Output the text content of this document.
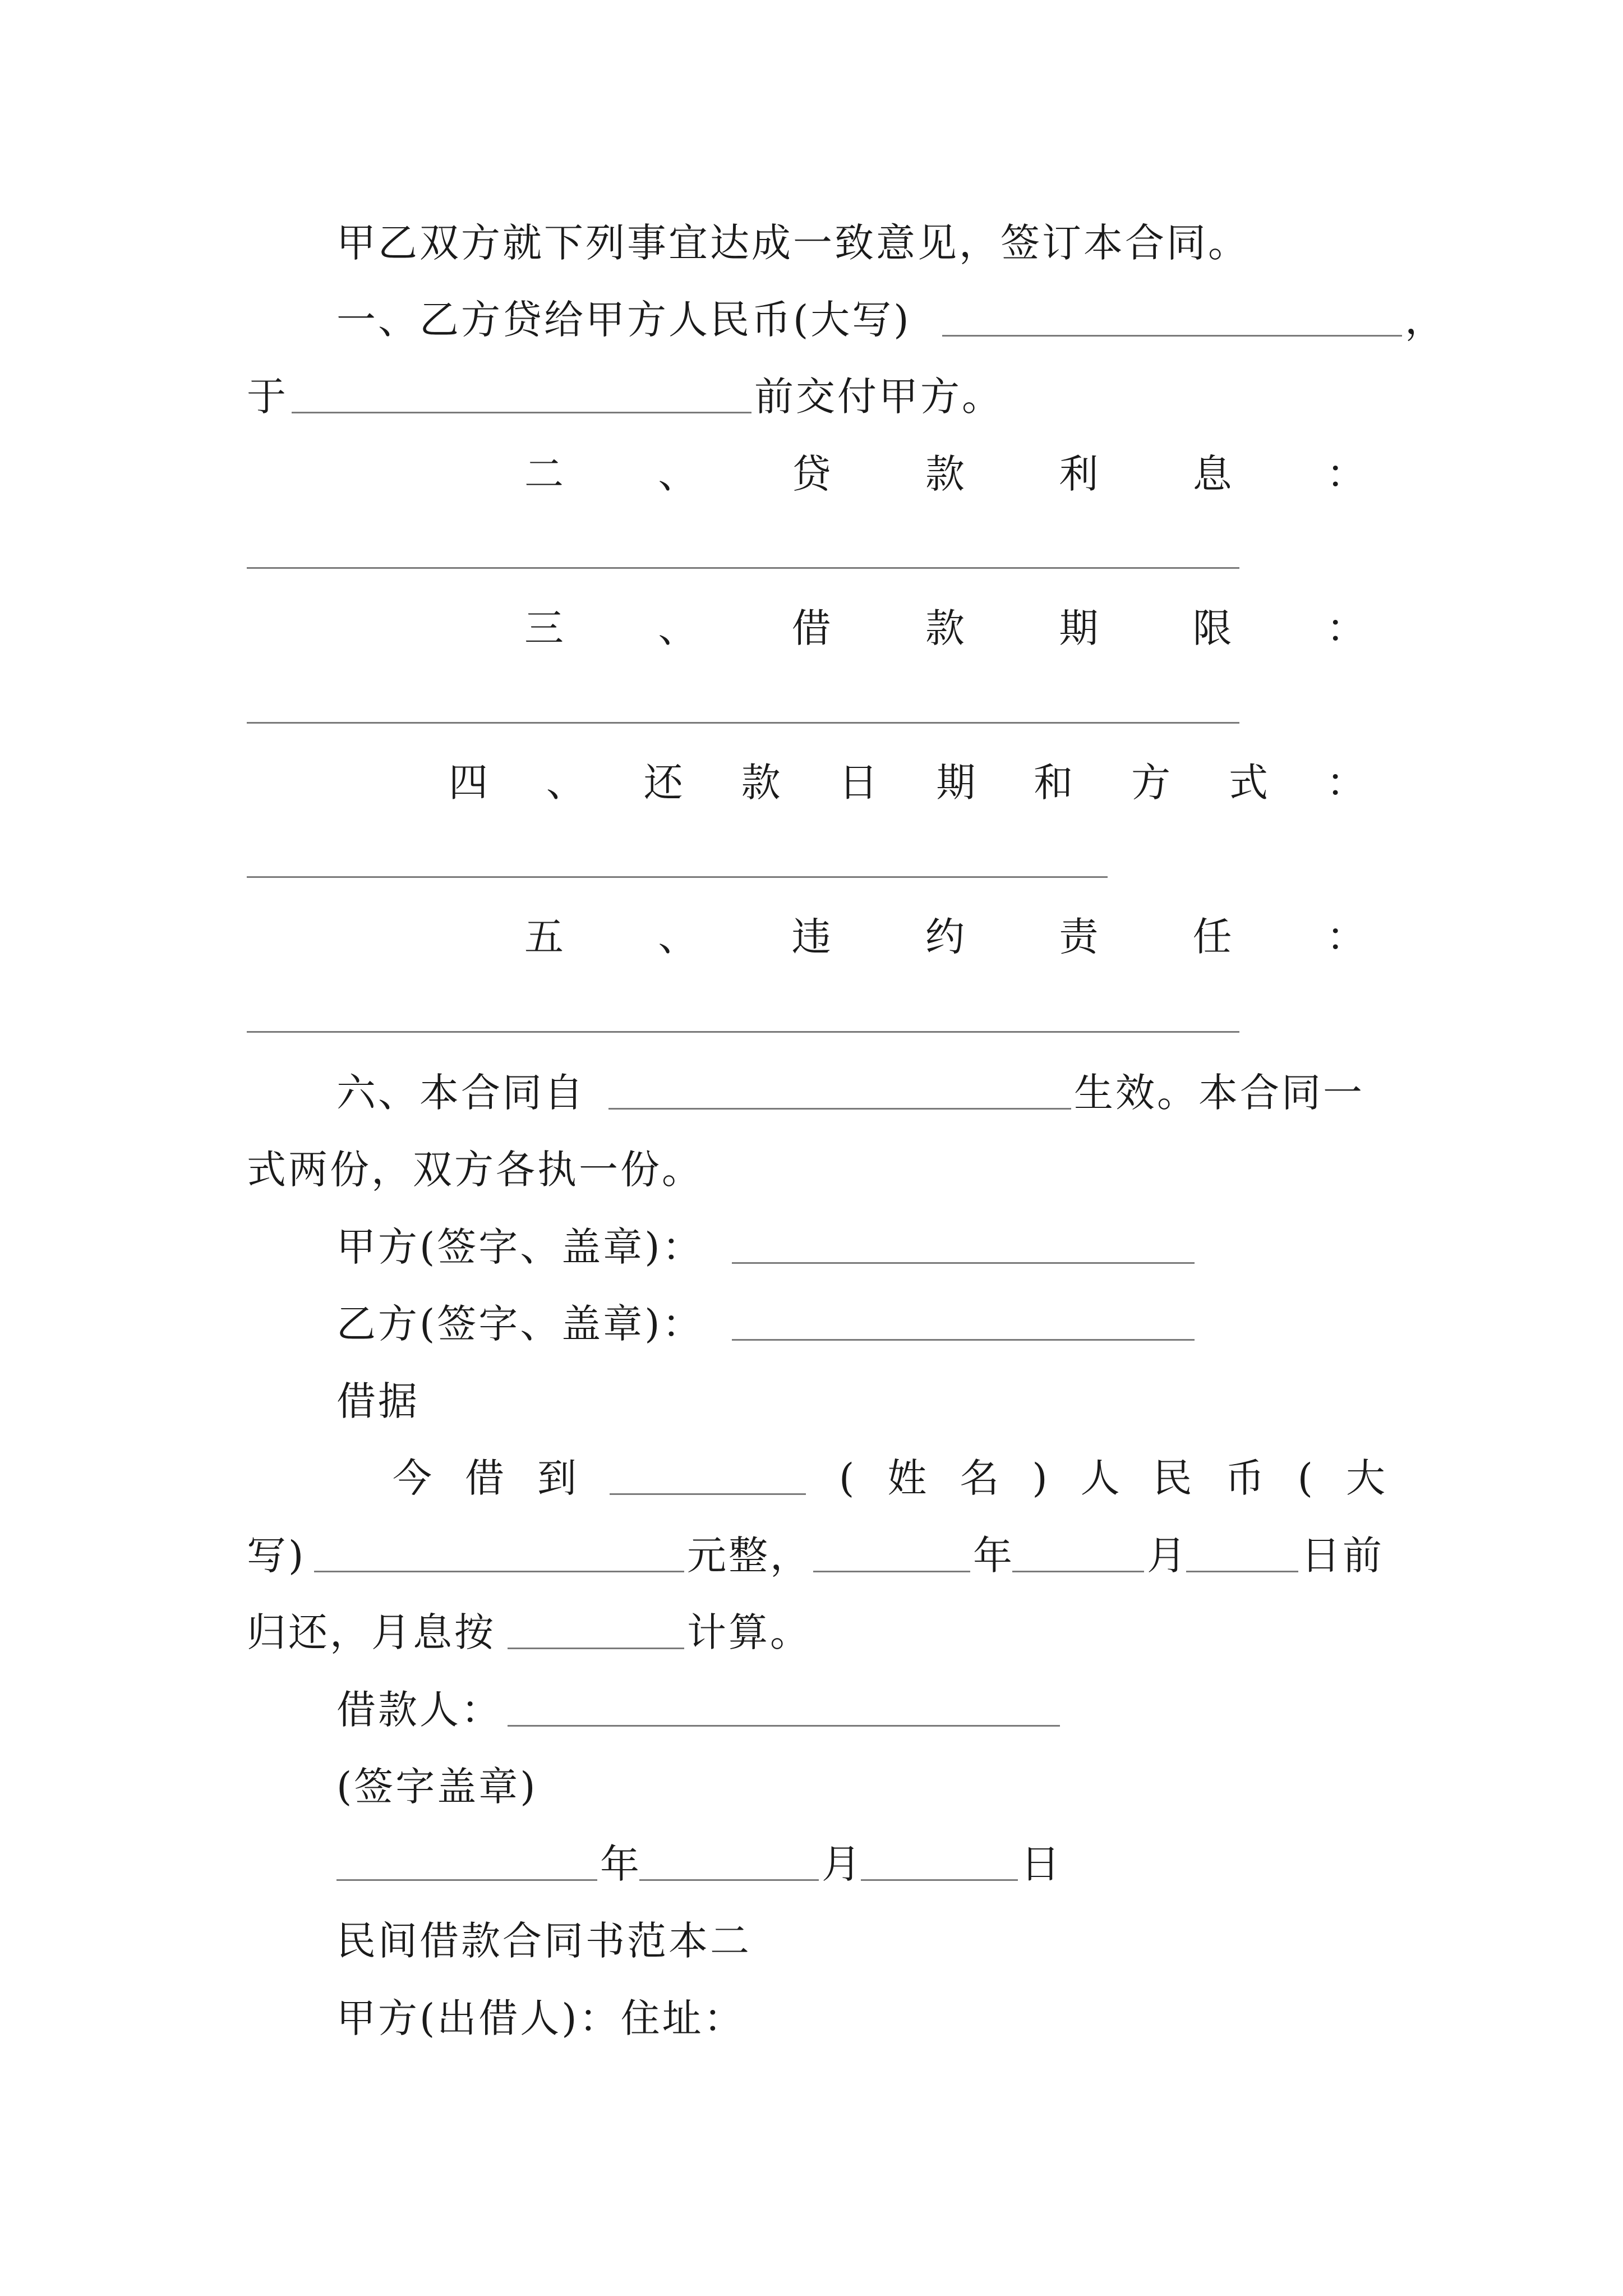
甲乙双方就下列事宜达成一致意见，签订本合同。
一、乙方贷给甲方人民币(大写)	，
于	前交付甲方。
二 、 贷 款 利 息 ：
三 、 借 款 期 限 ：
四 、 还 款 日 期 和 方 式 ：
五 、 违 约 责 任 ：
六、本合同自	生效。本合同一
式两份，双方各执一份。
甲方(签字、盖章)：
乙方(签字、盖章)：
借据
今 借 到	( 姓 名 ) 人 民 币 ( 大
写)	元整，	年	月	日前
归还，月息按	计算。
借款人：
(签字盖章)
年	月	日
民间借款合同书范本二
甲方(出借人)：住址：
